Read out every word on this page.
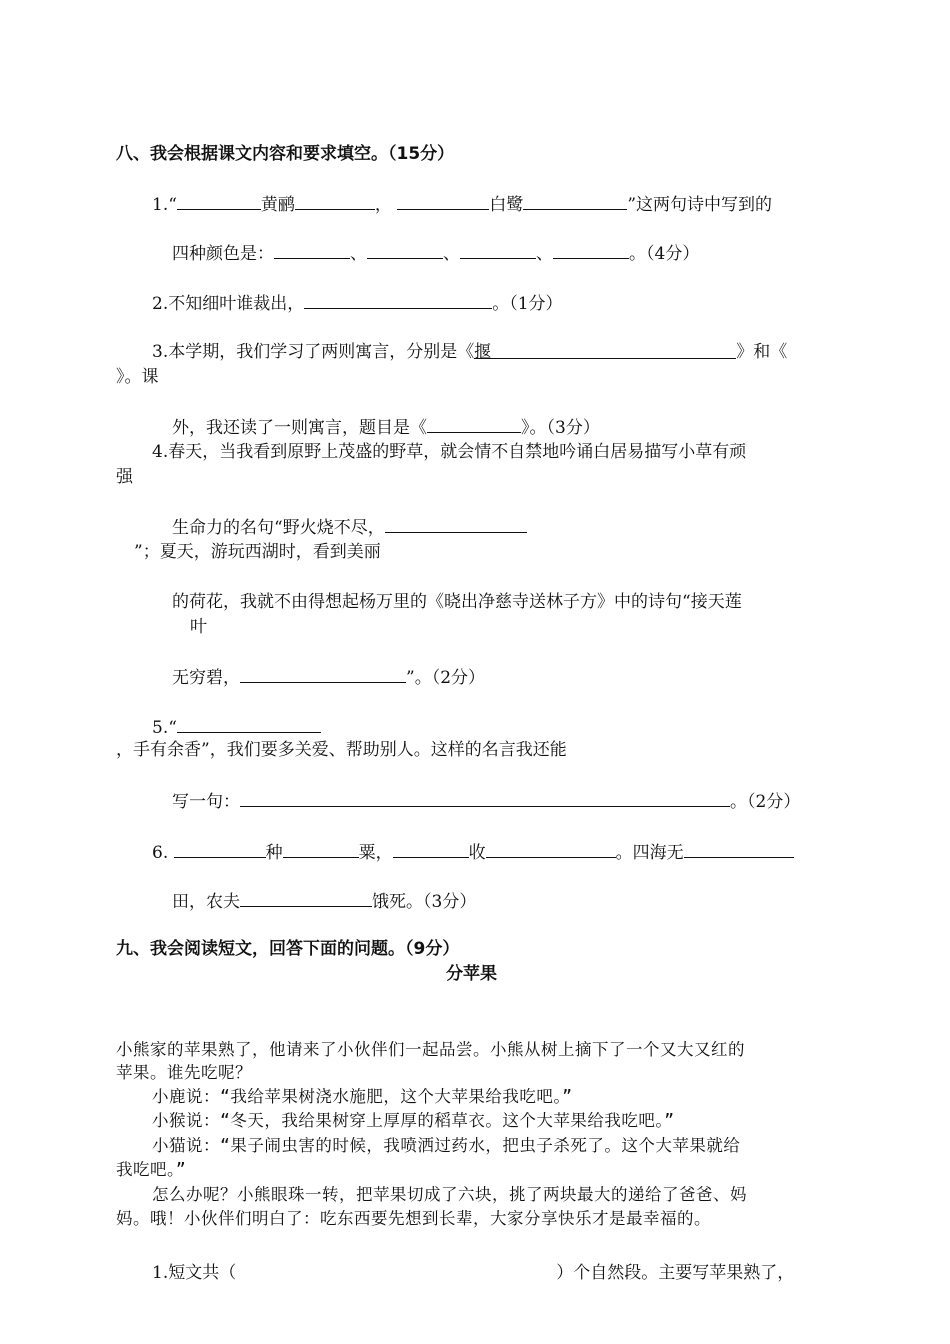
八、我会根据课文内容和要求填空。（15分）
1.“	黄鹂	，	白鹭	”这两句诗中写到的
四种颜色是：	、	、	、	。（4分）
2.不知细叶谁裁出，	。（1分）
3.本学期，我们学习了两则寓言，分别是《揠	》和《
》。课
外，我还读了一则寓言，题目是《	》。（3分）
4.春天，当我看到原野上茂盛的野草，就会情不自禁地吟诵白居易描写小草有顽
强
生命力的名句“野火烧不尽，
”；夏天，游玩西湖时，看到美丽
的荷花，我就不由得想起杨万里的《晓出净慈寺送林子方》中的诗句“接天莲
叶
无穷碧，	”。（2分）
5.“
，手有余香”，我们要多关爱、帮助别人。这样的名言我还能
写一句：	。（2分）
6.	种	粟，	收	。四海无
田，农夫	饿死。（3分）
九、我会阅读短文，回答下面的问题。（9分）
分苹果
小熊家的苹果熟了，他请来了小伙伴们一起品尝。小熊从树上摘下了一个又大又红的
苹果。谁先吃呢？
小鹿说：“我给苹果树浇水施肥，这个大苹果给我吃吧。”
小猴说：“冬天，我给果树穿上厚厚的稻草衣。这个大苹果给我吃吧。”
小猫说：“果子闹虫害的时候，我喷洒过药水，把虫子杀死了。这个大苹果就给
我吃吧。”
怎么办呢？小熊眼珠一转，把苹果切成了六块，挑了两块最大的递给了爸爸、妈
妈。哦！小伙伴们明白了：吃东西要先想到长辈，大家分享快乐才是最幸福的。
1.短文共（	）个自然段。主要写苹果熟了，
